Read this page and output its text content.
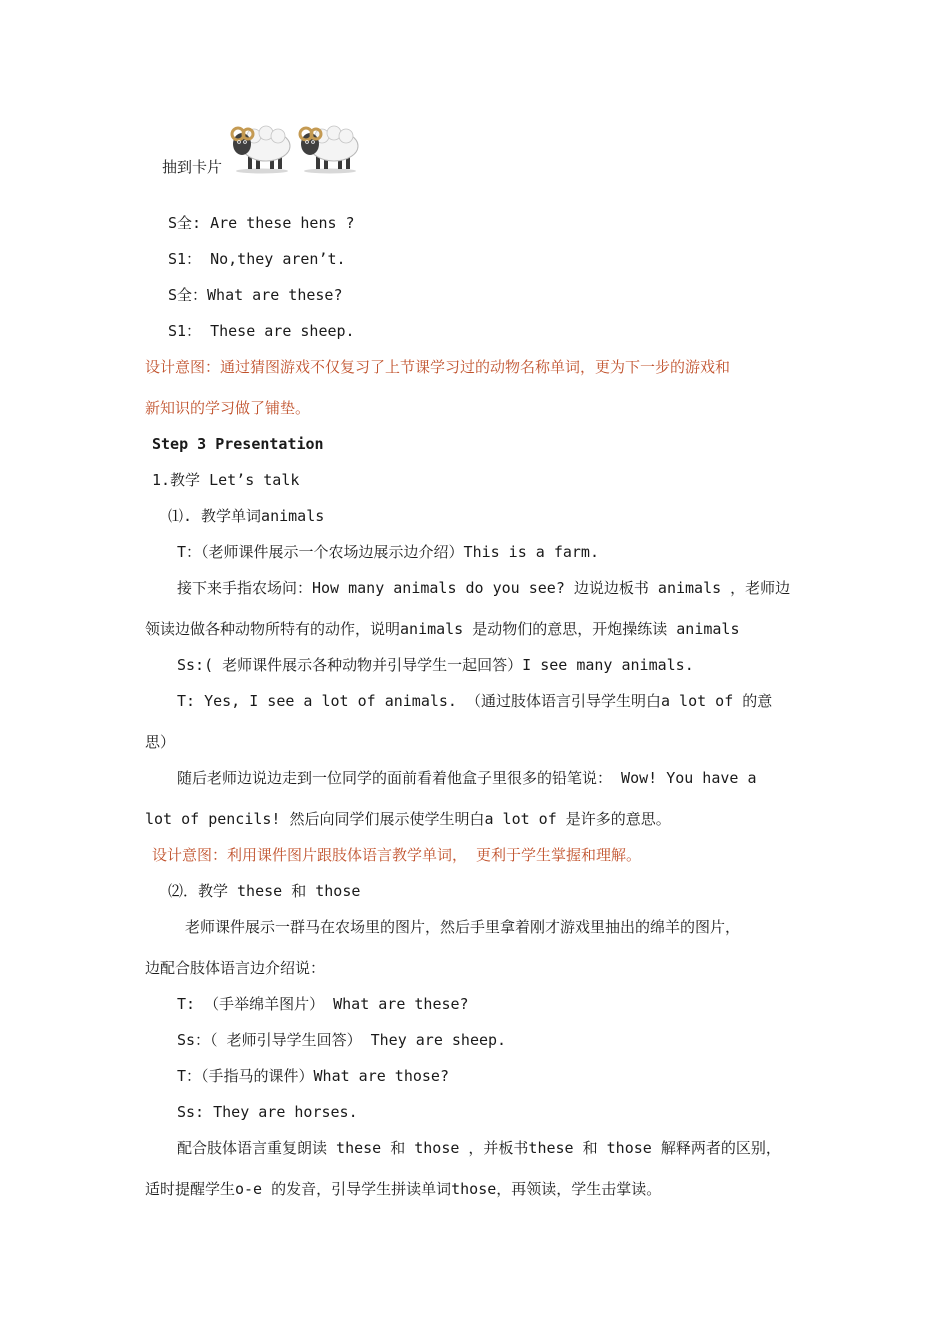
抽到卡片
S全: Are these hens ?
S1： No,they aren’t.
S全：What are these?
S1： These are sheep.
设计意图：通过猜图游戏不仅复习了上节课学习过的动物名称单词，更为下一步的游戏和
新知识的学习做了铺垫。
Step 3 Presentation
1.教学 Let’s talk
⑴. 教学单词animals
T：（老师课件展示一个农场边展示边介绍）This is a farm.
接下来手指农场问：How many animals do you see? 边说边板书 animals ，老师边
领读边做各种动物所特有的动作，说明animals 是动物们的意思，开炮操练读 animals
Ss:( 老师课件展示各种动物并引导学生一起回答）I see many animals.
T: Yes, I see a lot of animals. （通过肢体语言引导学生明白a lot of 的意
思）
随后老师边说边走到一位同学的面前看着他盒子里很多的铅笔说： Wow! You have a
lot of pencils! 然后向同学们展示使学生明白a lot of 是许多的意思。
设计意图：利用课件图片跟肢体语言教学单词， 更利于学生掌握和理解。
⑵．教学 these 和 those
老师课件展示一群马在农场里的图片，然后手里拿着刚才游戏里抽出的绵羊的图片，
边配合肢体语言边介绍说：
T: （手举绵羊图片） What are these?
Ss：（ 老师引导学生回答） They are sheep.
T：（手指马的课件）What are those?
Ss: They are horses.
配合肢体语言重复朗读 these 和 those ，并板书these 和 those 解释两者的区别，
适时提醒学生o-e 的发音，引导学生拼读单词those，再领读，学生击掌读。
